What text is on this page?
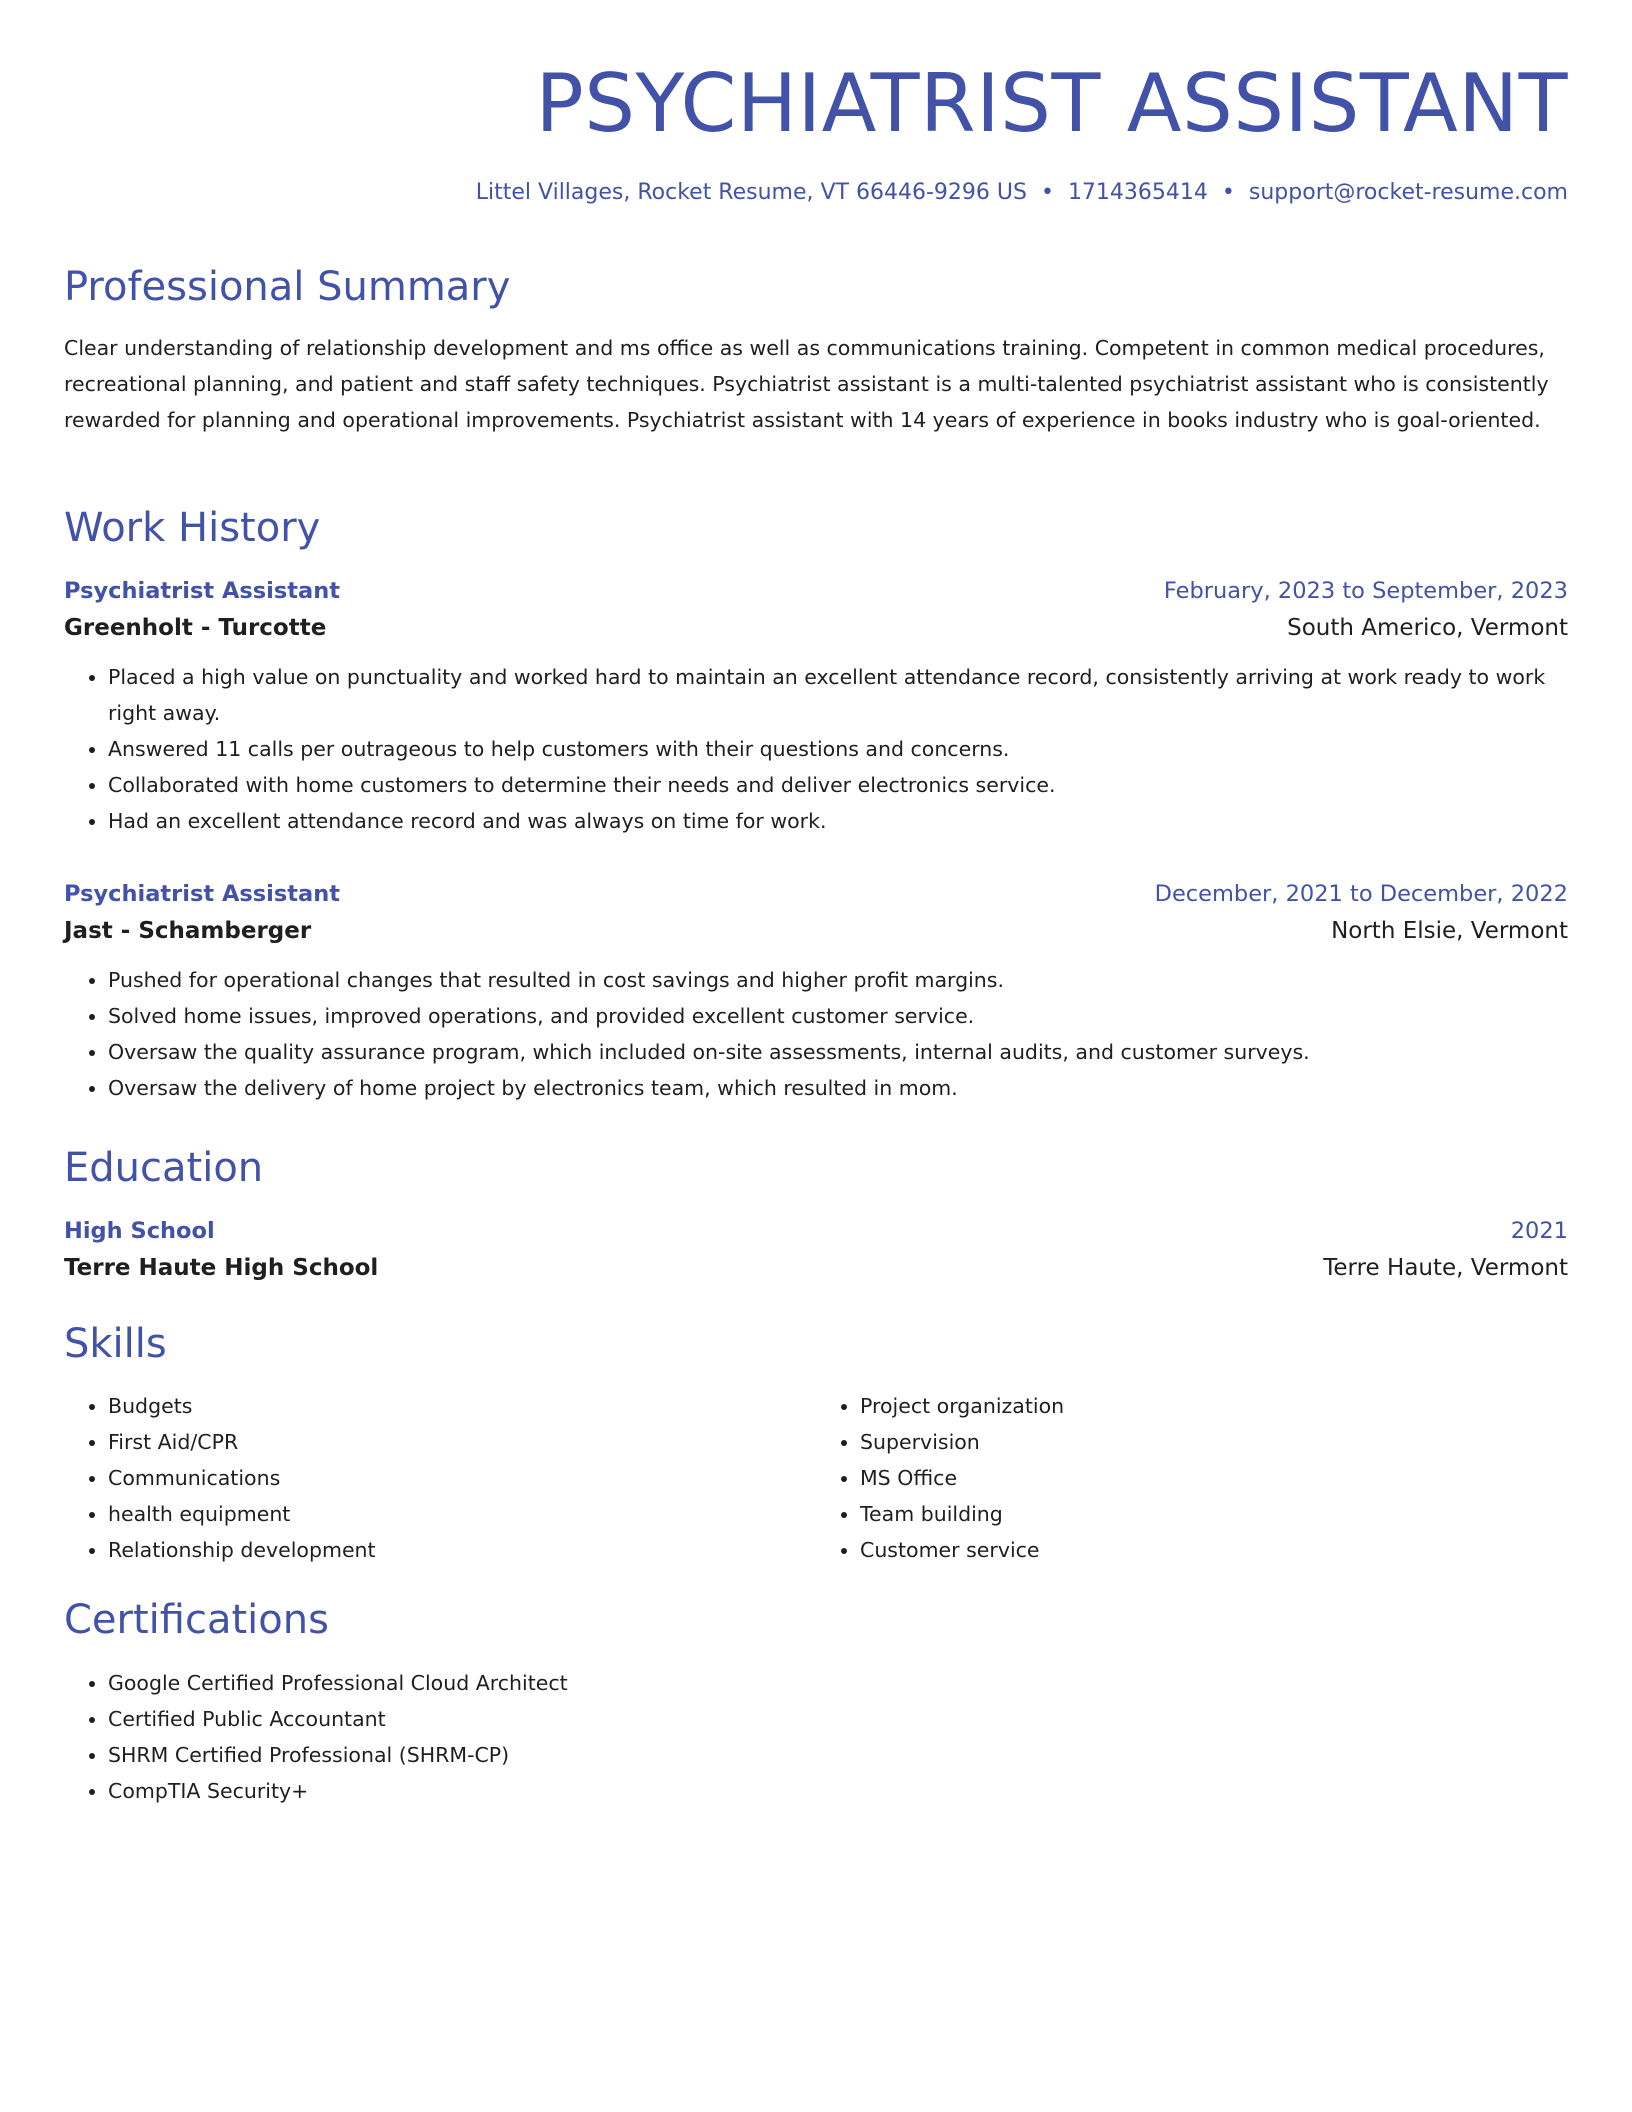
PSYCHIATRIST ASSISTANT
Littel Villages, Rocket Resume, VT 66446-9296 US • 1714365414 • support@rocket-resume.com
Professional Summary

Clear understanding of relationship development and ms office as well as communications training. Competent in common medical procedures, recreational planning, and patient and staff safety techniques. Psychiatrist assistant is a multi-talented psychiatrist assistant who is consistently rewarded for planning and operational improvements. Psychiatrist assistant with 14 years of experience in books industry who is goal-oriented.

Work History
Psychiatrist Assistant	February, 2023 to September, 2023
Greenholt - Turcotte	South Americo, Vermont
• Placed a high value on punctuality and worked hard to maintain an excellent attendance record, consistently arriving at work ready to work right away.
• Answered 11 calls per outrageous to help customers with their questions and concerns.
• Collaborated with home customers to determine their needs and deliver electronics service.
• Had an excellent attendance record and was always on time for work.
Psychiatrist Assistant	December, 2021 to December, 2022
Jast - Schamberger	North Elsie, Vermont
• Pushed for operational changes that resulted in cost savings and higher profit margins.
• Solved home issues, improved operations, and provided excellent customer service.
• Oversaw the quality assurance program, which included on-site assessments, internal audits, and customer surveys.
• Oversaw the delivery of home project by electronics team, which resulted in mom.
Education
High School	2021
Terre Haute High School	Terre Haute, Vermont
Skills
• Budgets
• First Aid/CPR
• Communications
• health equipment
• Relationship development
• Project organization
• Supervision
• MS Office
• Team building
• Customer service
Certifications
• Google Certified Professional Cloud Architect
• Certified Public Accountant
• SHRM Certified Professional (SHRM-CP)
• CompTIA Security+
